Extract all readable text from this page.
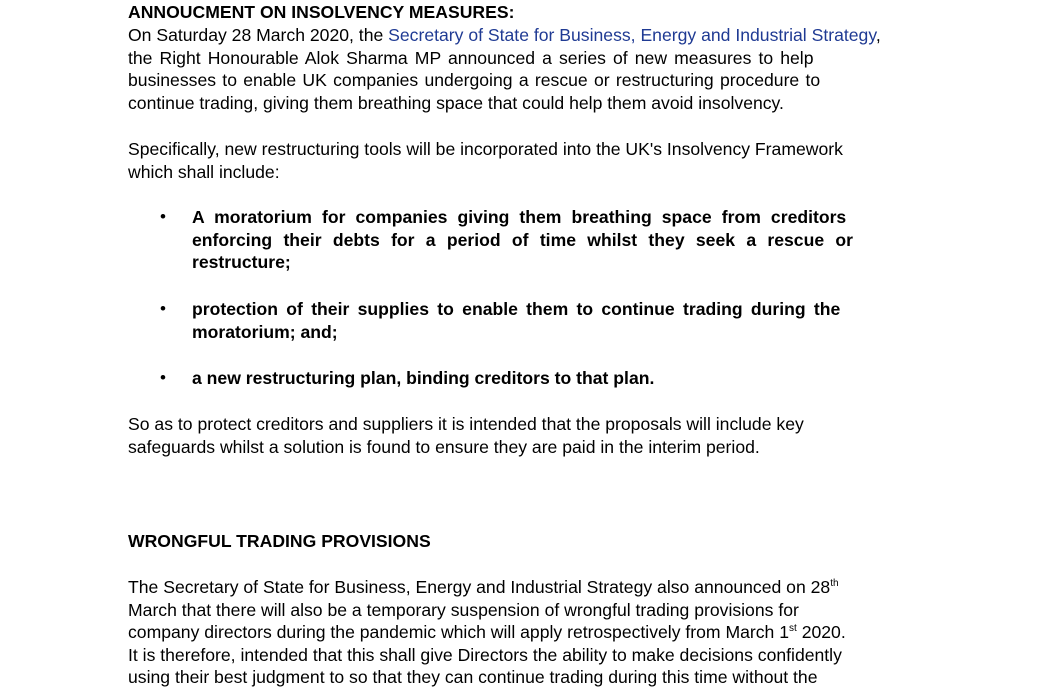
ANNOUCMENT ON INSOLVENCY MEASURES:
On Saturday 28 March 2020, the Secretary of State for Business, Energy and Industrial Strategy,
the Right Honourable Alok Sharma MP announced a series of new measures to help
businesses to enable UK companies undergoing a rescue or restructuring procedure to
continue trading, giving them breathing space that could help them avoid insolvency.
Specifically, new restructuring tools will be incorporated into the UK's Insolvency Framework
which shall include:
• A moratorium for companies giving them breathing space from creditors
enforcing their debts for a period of time whilst they seek a rescue or
restructure;
• protection of their supplies to enable them to continue trading during the
moratorium; and;
• a new restructuring plan, binding creditors to that plan.
So as to protect creditors and suppliers it is intended that the proposals will include key
safeguards whilst a solution is found to ensure they are paid in the interim period.
WRONGFUL TRADING PROVISIONS
The Secretary of State for Business, Energy and Industrial Strategy also announced on 28th
March that there will also be a temporary suspension of wrongful trading provisions for
company directors during the pandemic which will apply retrospectively from March 1st 2020.
It is therefore, intended that this shall give Directors the ability to make decisions confidently
using their best judgment to so that they can continue trading during this time without the
